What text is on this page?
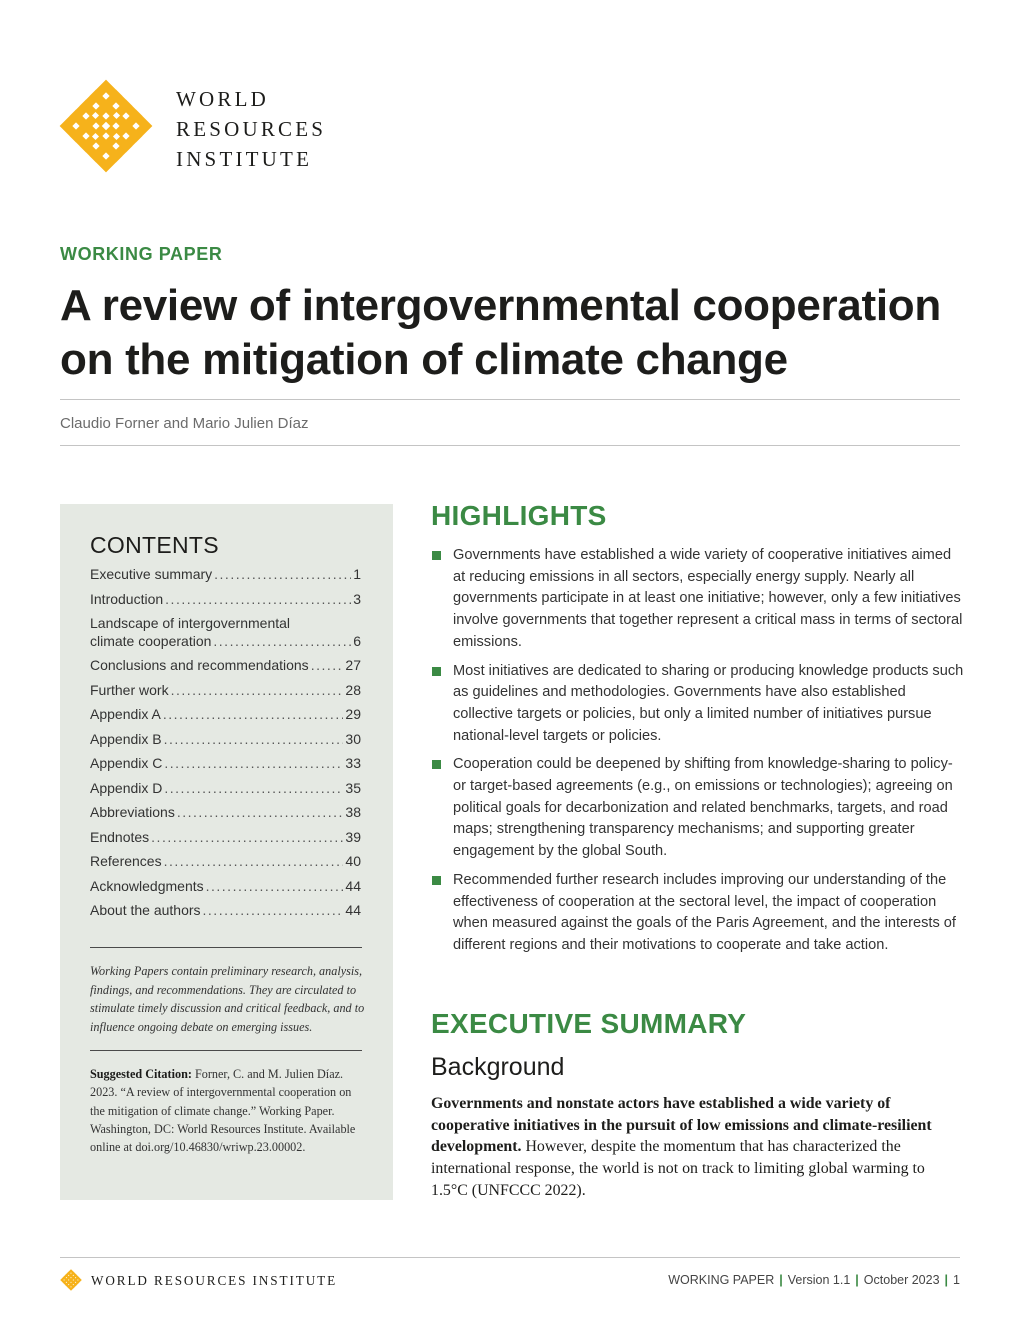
WORLD
RESOURCES
INSTITUTE
WORKING PAPER
A review of intergovernmental cooperation
on the mitigation of climate change
Claudio Forner and Mario Julien Díaz
CONTENTS
Executive summary .....	1
Introduction .....	3
Landscape of intergovernmental
climate cooperation .....	6
Conclusions and recommendations .....	27
Further work .....	28
Appendix A .....	29
Appendix B .....	30
Appendix C .....	33
Appendix D .....	35
Abbreviations .....	38
Endnotes .....	39
References .....	40
Acknowledgments .....	44
About the authors .....	44
Working Papers contain preliminary research, analysis, findings, and recommendations. They are circulated to stimulate timely discussion and critical feedback, and to influence ongoing debate on emerging issues.
Suggested Citation: Forner, C. and M. Julien Díaz. 2023. “A review of intergovernmental cooperation on the mitigation of climate change.” Working Paper. Washington, DC: World Resources Institute. Available online at doi.org/10.46830/wriwp.23.00002.
HIGHLIGHTS
Governments have established a wide variety of cooperative initiatives aimed at reducing emissions in all sectors, especially energy supply. Nearly all governments participate in at least one initiative; however, only a few initiatives involve governments that together represent a critical mass in terms of sectoral emissions.
Most initiatives are dedicated to sharing or producing knowledge products such as guidelines and methodologies. Governments have also established collective targets or policies, but only a limited number of initiatives pursue national-level targets or policies.
Cooperation could be deepened by shifting from knowledge-sharing to policy- or target-based agreements (e.g., on emissions or technologies); agreeing on political goals for decarbonization and related benchmarks, targets, and road maps; strengthening transparency mechanisms; and supporting greater engagement by the global South.
Recommended further research includes improving our understanding of the effectiveness of cooperation at the sectoral level, the impact of cooperation when measured against the goals of the Paris Agreement, and the interests of different regions and their motivations to cooperate and take action.
EXECUTIVE SUMMARY
Background
Governments and nonstate actors have established a wide variety of cooperative initiatives in the pursuit of low emissions and climate-resilient development. However, despite the momentum that has characterized the international response, the world is not on track to limiting global warming to 1.5°C (UNFCCC 2022).
WORLD RESOURCES INSTITUTE	WORKING PAPER | Version 1.1 | October 2023 | 1
